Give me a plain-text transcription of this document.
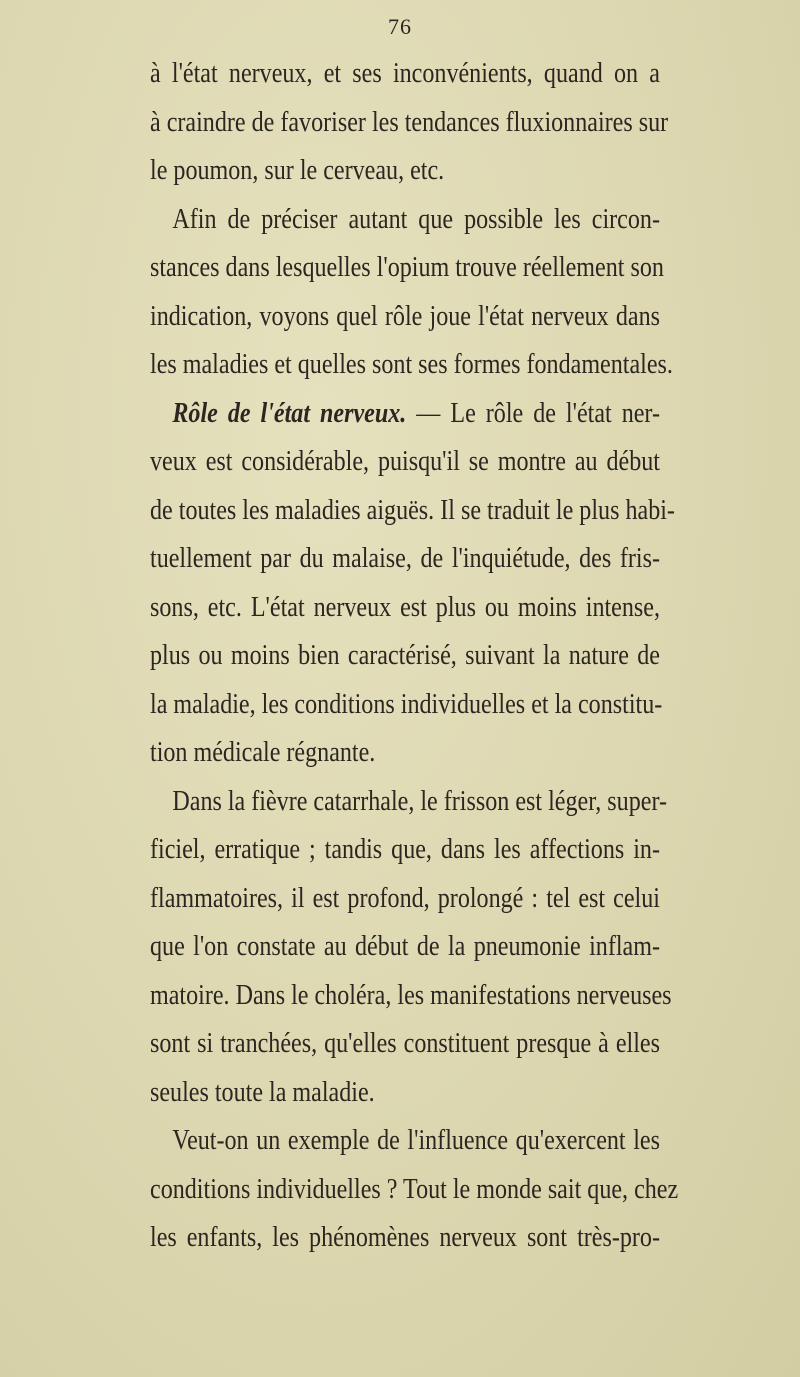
76
à l'état nerveux, et ses inconvénients, quand on a
à craindre de favoriser les tendances fluxionnaires sur
le poumon, sur le cerveau, etc.
Afin de préciser autant que possible les circon-
stances dans lesquelles l'opium trouve réellement son
indication, voyons quel rôle joue l'état nerveux dans
les maladies et quelles sont ses formes fondamentales.
Rôle de l'état nerveux. — Le rôle de l'état ner-
veux est considérable, puisqu'il se montre au début
de toutes les maladies aiguës. Il se traduit le plus habi-
tuellement par du malaise, de l'inquiétude, des fris-
sons, etc. L'état nerveux est plus ou moins intense,
plus ou moins bien caractérisé, suivant la nature de
la maladie, les conditions individuelles et la constitu-
tion médicale régnante.
Dans la fièvre catarrhale, le frisson est léger, super-
ficiel, erratique ; tandis que, dans les affections in-
flammatoires, il est profond, prolongé : tel est celui
que l'on constate au début de la pneumonie inflam-
matoire. Dans le choléra, les manifestations nerveuses
sont si tranchées, qu'elles constituent presque à elles
seules toute la maladie.
Veut-on un exemple de l'influence qu'exercent les
conditions individuelles ? Tout le monde sait que, chez
les enfants, les phénomènes nerveux sont très-pro-
